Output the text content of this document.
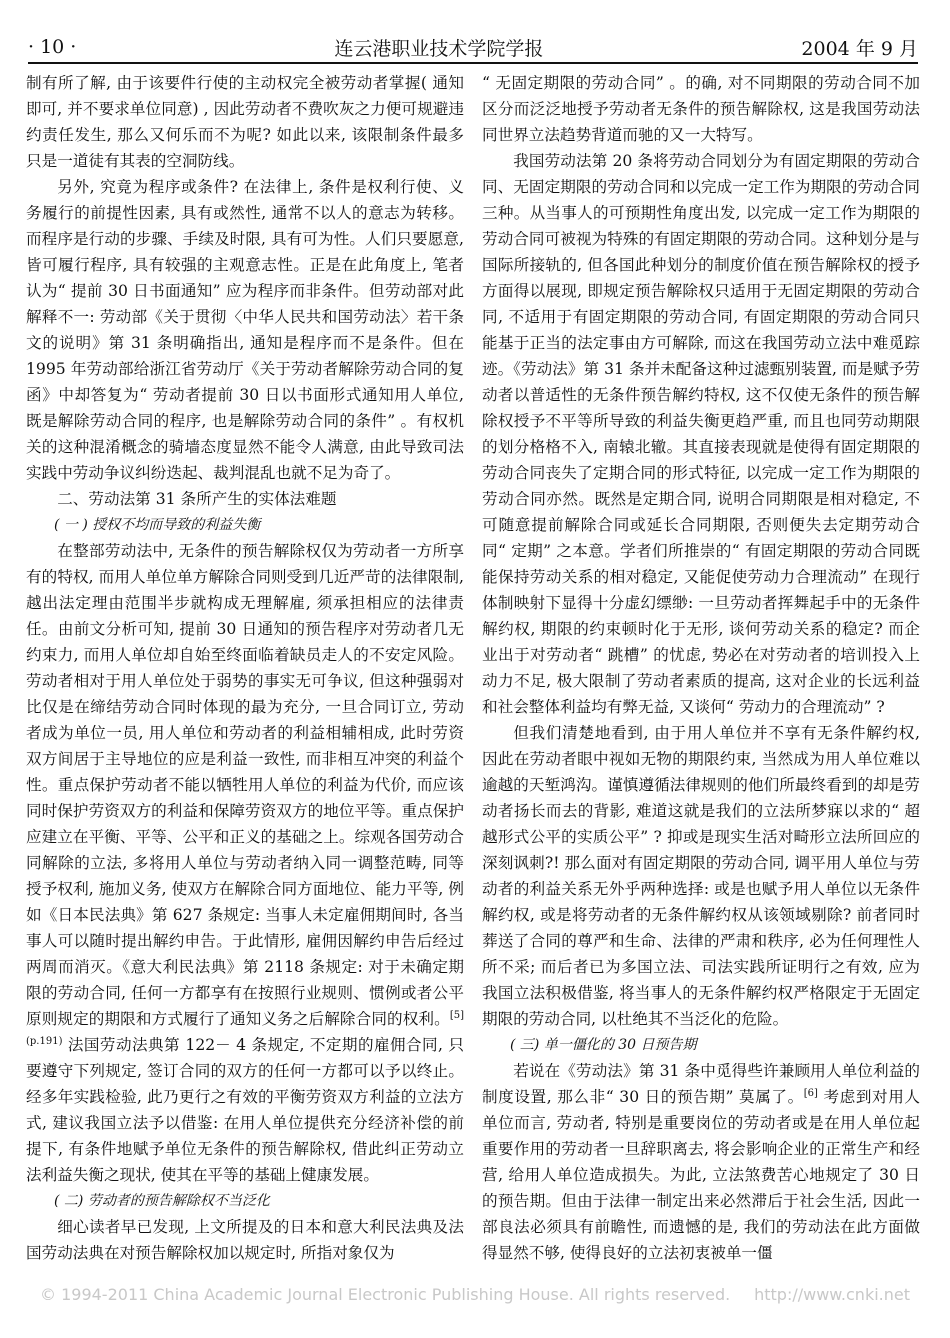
· 10 ·	连云港职业技术学院学报	2004 年 9 月

制有所了解, 由于该要件行使的主动权完全被劳动者掌握( 通知即可, 并不要求单位同意) , 因此劳动者不费吹灰之力便可规避违约责任发生, 那么又何乐而不为呢? 如此以来, 该限制条件最多只是一道徒有其表的空洞防线。

另外, 究竟为程序或条件? 在法律上, 条件是权利行使、义务履行的前提性因素, 具有或然性, 通常不以人的意志为转移。而程序是行动的步骤、手续及时限, 具有可为性。人们只要愿意, 皆可履行程序, 具有较强的主观意志性。正是在此角度上, 笔者认为“ 提前 30 日书面通知” 应为程序而非条件。但劳动部对此解释不一: 劳动部《关于贯彻〈中华人民共和国劳动法〉若干条文的说明》第 31 条明确指出, 通知是程序而不是条件。但在 1995 年劳动部给浙江省劳动厅《关于劳动者解除劳动合同的复函》中却答复为“ 劳动者提前 30 日以书面形式通知用人单位, 既是解除劳动合同的程序, 也是解除劳动合同的条件” 。有权机关的这种混淆概念的骑墙态度显然不能令人满意, 由此导致司法实践中劳动争议纠纷迭起、裁判混乱也就不足为奇了。

二、劳动法第 31 条所产生的实体法难题
( 一 ) 授权不均而导致的利益失衡

在整部劳动法中, 无条件的预告解除权仅为劳动者一方所享有的特权, 而用人单位单方解除合同则受到几近严苛的法律限制, 越出法定理由范围半步就构成无理解雇, 须承担相应的法律责任。由前文分析可知, 提前 30 日通知的预告程序对劳动者几无约束力, 而用人单位却自始至终面临着缺员走人的不安定风险。劳动者相对于用人单位处于弱势的事实无可争议, 但这种强弱对比仅是在缔结劳动合同时体现的最为充分, 一旦合同订立, 劳动者成为单位一员, 用人单位和劳动者的利益相辅相成, 此时劳资双方间居于主导地位的应是利益一致性, 而非相互冲突的利益个性。重点保护劳动者不能以牺牲用人单位的利益为代价, 而应该同时保护劳资双方的利益和保障劳资双方的地位平等。重点保护应建立在平衡、平等、公平和正义的基础之上。综观各国劳动合同解除的立法, 多将用人单位与劳动者纳入同一调整范畴, 同等授予权利, 施加义务, 使双方在解除合同方面地位、能力平等, 例如《日本民法典》第 627 条规定: 当事人未定雇佣期间时, 各当事人可以随时提出解约申告。于此情形, 雇佣因解约申告后经过两周而消灭。《意大利民法典》第 2118 条规定: 对于未确定期限的劳动合同, 任何一方都享有在按照行业规则、惯例或者公平原则规定的期限和方式履行了通知义务之后解除合同的权利。$^{[5](p.191)}$ 法国劳动法典第 122－ 4 条规定, 不定期的雇佣合同, 只要遵守下列规定, 签订合同的双方的任何一方都可以予以终止。经多年实践检验, 此乃更行之有效的平衡劳资双方利益的立法方式, 建议我国立法予以借鉴: 在用人单位提供充分经济补偿的前提下, 有条件地赋予单位无条件的预告解除权, 借此纠正劳动立法利益失衡之现状, 使其在平等的基础上健康发展。

( 二) 劳动者的预告解除权不当泛化

细心读者早已发现, 上文所提及的日本和意大利民法典及法国劳动法典在对预告解除权加以规定时, 所指对象仅为

“ 无固定期限的劳动合同” 。的确, 对不同期限的劳动合同不加区分而泛泛地授予劳动者无条件的预告解除权, 这是我国劳动法同世界立法趋势背道而驰的又一大特写。

我国劳动法第 20 条将劳动合同划分为有固定期限的劳动合同、无固定期限的劳动合同和以完成一定工作为期限的劳动合同三种。从当事人的可预期性角度出发, 以完成一定工作为期限的劳动合同可被视为特殊的有固定期限的劳动合同。这种划分是与国际所接轨的, 但各国此种划分的制度价值在预告解除权的授予方面得以展现, 即规定预告解除权只适用于无固定期限的劳动合同, 不适用于有固定期限的劳动合同, 有固定期限的劳动合同只能基于正当的法定事由方可解除, 而这在我国劳动立法中难觅踪迹。《劳动法》第 31 条并未配备这种过滤甄别装置, 而是赋予劳动者以普适性的无条件预告解约特权, 这不仅使无条件的预告解除权授予不平等所导致的利益失衡更趋严重, 而且也同劳动期限的划分格格不入, 南辕北辙。其直接表现就是使得有固定期限的劳动合同丧失了定期合同的形式特征, 以完成一定工作为期限的劳动合同亦然。既然是定期合同, 说明合同期限是相对稳定, 不可随意提前解除合同或延长合同期限, 否则便失去定期劳动合同“ 定期” 之本意。学者们所推崇的“ 有固定期限的劳动合同既能保持劳动关系的相对稳定, 又能促使劳动力合理流动” 在现行体制映射下显得十分虚幻缥缈: 一旦劳动者挥舞起手中的无条件解约权, 期限的约束顿时化于无形, 谈何劳动关系的稳定? 而企业出于对劳动者“ 跳槽” 的忧虑, 势必在对劳动者的培训投入上动力不足, 极大限制了劳动者素质的提高, 这对企业的长远利益和社会整体利益均有弊无益, 又谈何“ 劳动力的合理流动” ?

但我们清楚地看到, 由于用人单位并不享有无条件解约权, 因此在劳动者眼中视如无物的期限约束, 当然成为用人单位难以逾越的天堑鸿沟。谨慎遵循法律规则的他们所最终看到的却是劳动者扬长而去的背影, 难道这就是我们的立法所梦寐以求的“ 超越形式公平的实质公平” ? 抑或是现实生活对畸形立法所回应的深刻讽刺?! 那么面对有固定期限的劳动合同, 调平用人单位与劳动者的利益关系无外乎两种选择: 或是也赋予用人单位以无条件解约权, 或是将劳动者的无条件解约权从该领域剔除? 前者同时葬送了合同的尊严和生命、法律的严肃和秩序, 必为任何理性人所不采; 而后者已为多国立法、司法实践所证明行之有效, 应为我国立法积极借鉴, 将当事人的无条件解约权严格限定于无固定期限的劳动合同, 以杜绝其不当泛化的危险。

( 三) 单一僵化的 30 日预告期

若说在《劳动法》第 31 条中觅得些许兼顾用人单位利益的制度设置, 那么非“ 30 日的预告期” 莫属了。[6] 考虑到对用人单位而言, 劳动者, 特别是重要岗位的劳动者或是在用人单位起重要作用的劳动者一旦辞职离去, 将会影响企业的正常生产和经营, 给用人单位造成损失。为此, 立法煞费苦心地规定了 30 日的预告期。但由于法律一制定出来必然滞后于社会生活, 因此一部良法必须具有前瞻性, 而遗憾的是, 我们的劳动法在此方面做得显然不够, 使得良好的立法初衷被单一僵

© 1994-2011 China Academic Journal Electronic Publishing House. All rights reserved. http://www.cnki.net
